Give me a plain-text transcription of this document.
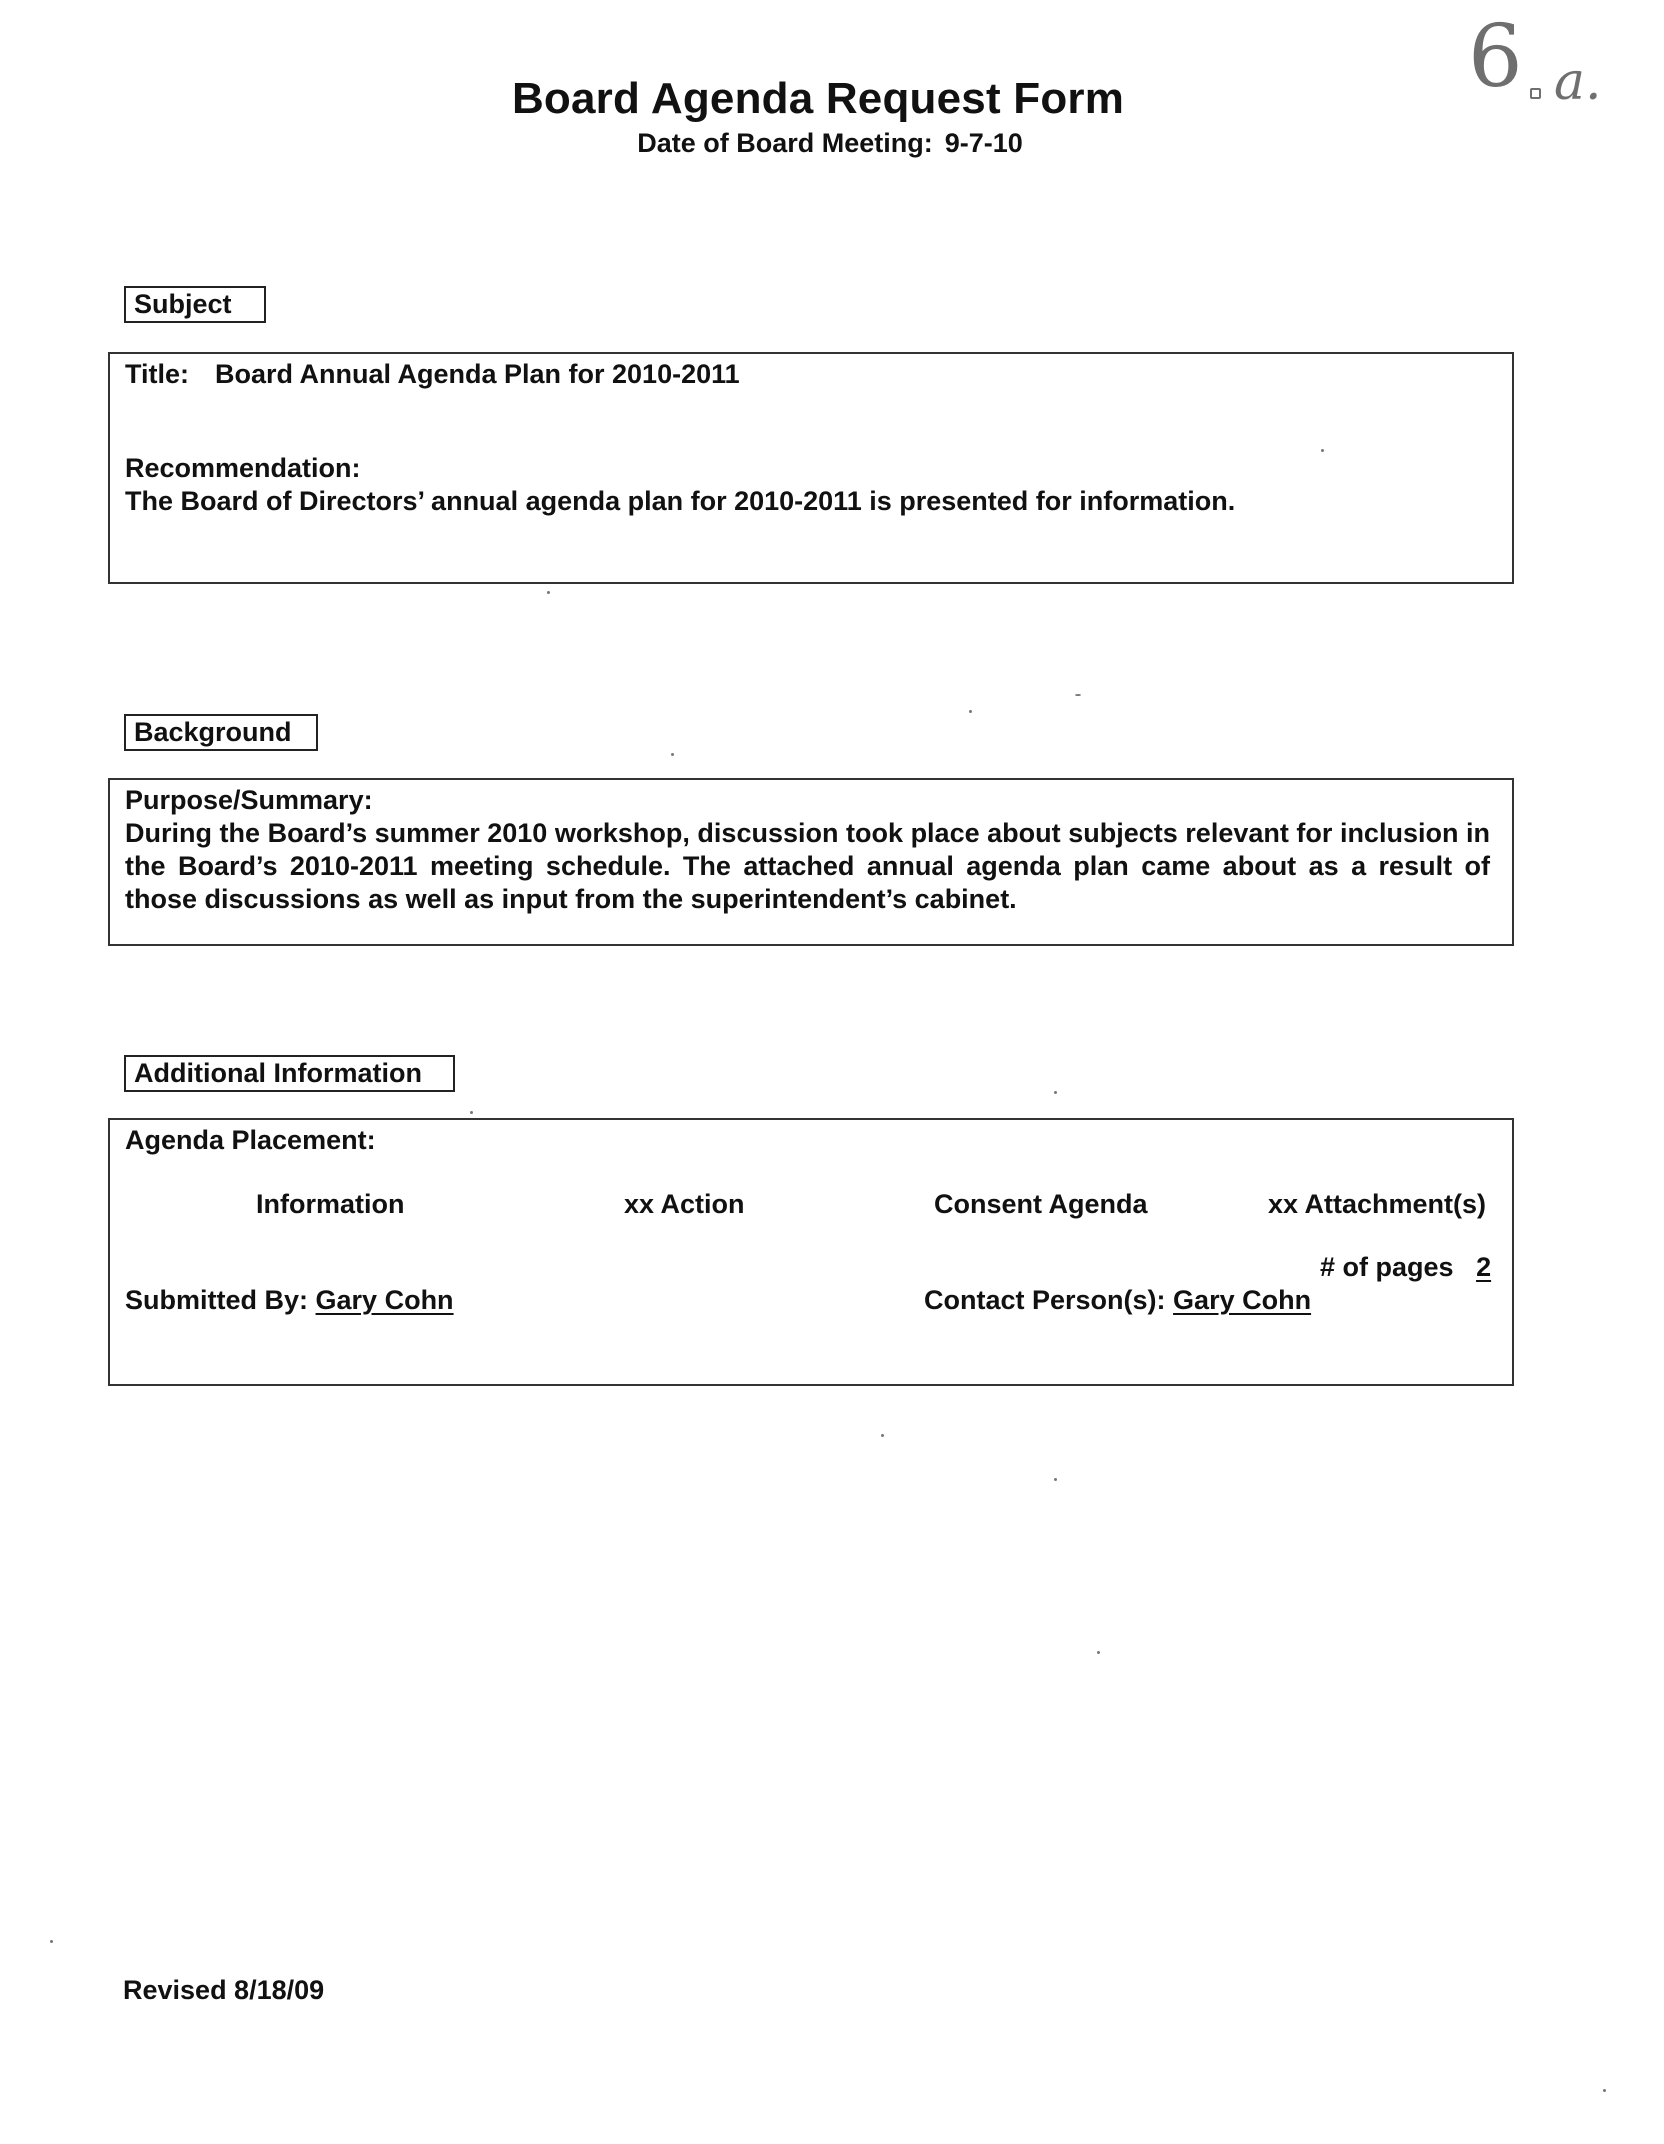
Board Agenda Request Form
Date of Board Meeting: 9-7-10
6 a.
Subject
Title: Board Annual Agenda Plan for 2010-2011
Recommendation:
The Board of Directors’ annual agenda plan for 2010-2011 is presented for information.
Background
Purpose/Summary:
During the Board’s summer 2010 workshop, discussion took place about subjects relevant for inclusion in the Board’s 2010-2011 meeting schedule. The attached annual agenda plan came about as a result of those discussions as well as input from the superintendent’s cabinet.
Additional Information
Agenda Placement:
Information	xx Action	Consent Agenda	xx Attachment(s)
# of pages 2
Submitted By: Gary Cohn	Contact Person(s): Gary Cohn
Revised 8/18/09
